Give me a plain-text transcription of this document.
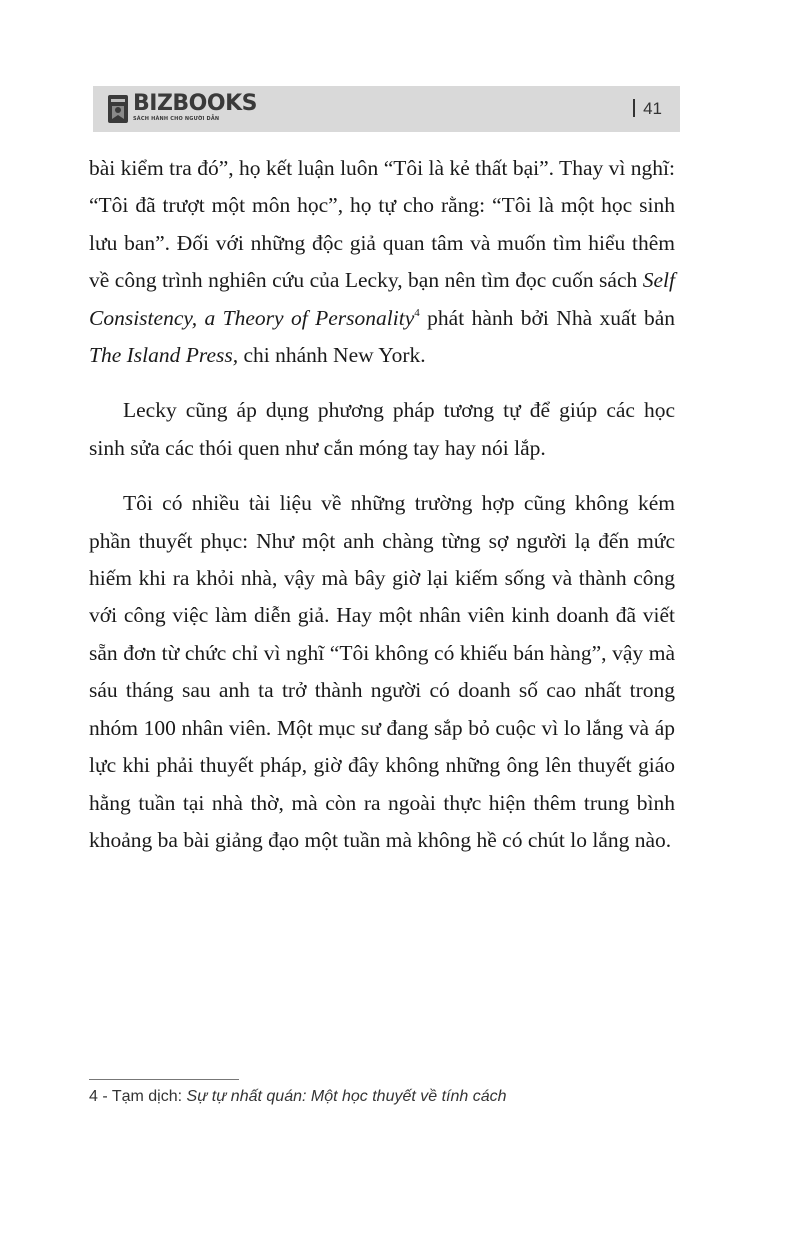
BIZBOOKS
SÁCH HÀNH CHO NGƯỜI DẪN
41

bài kiểm tra đó”, họ kết luận luôn “Tôi là kẻ thất bại”. Thay vì nghĩ: “Tôi đã trượt một môn học”, họ tự cho rằng: “Tôi là một học sinh lưu ban”. Đối với những độc giả quan tâm và muốn tìm hiểu thêm về công trình nghiên cứu của Lecky, bạn nên tìm đọc cuốn sách Self Consistency, a Theory of Personality$^4$ phát hành bởi Nhà xuất bản The Island Press, chi nhánh New York.

Lecky cũng áp dụng phương pháp tương tự để giúp các học sinh sửa các thói quen như cắn móng tay hay nói lắp.

Tôi có nhiều tài liệu về những trường hợp cũng không kém phần thuyết phục: Như một anh chàng từng sợ người lạ đến mức hiếm khi ra khỏi nhà, vậy mà bây giờ lại kiếm sống và thành công với công việc làm diễn giả. Hay một nhân viên kinh doanh đã viết sẵn đơn từ chức chỉ vì nghĩ “Tôi không có khiếu bán hàng”, vậy mà sáu tháng sau anh ta trở thành người có doanh số cao nhất trong nhóm 100 nhân viên. Một mục sư đang sắp bỏ cuộc vì lo lắng và áp lực khi phải thuyết pháp, giờ đây không những ông lên thuyết giáo hằng tuần tại nhà thờ, mà còn ra ngoài thực hiện thêm trung bình khoảng ba bài giảng đạo một tuần mà không hề có chút lo lắng nào.

4 - Tạm dịch: Sự tự nhất quán: Một học thuyết về tính cách
